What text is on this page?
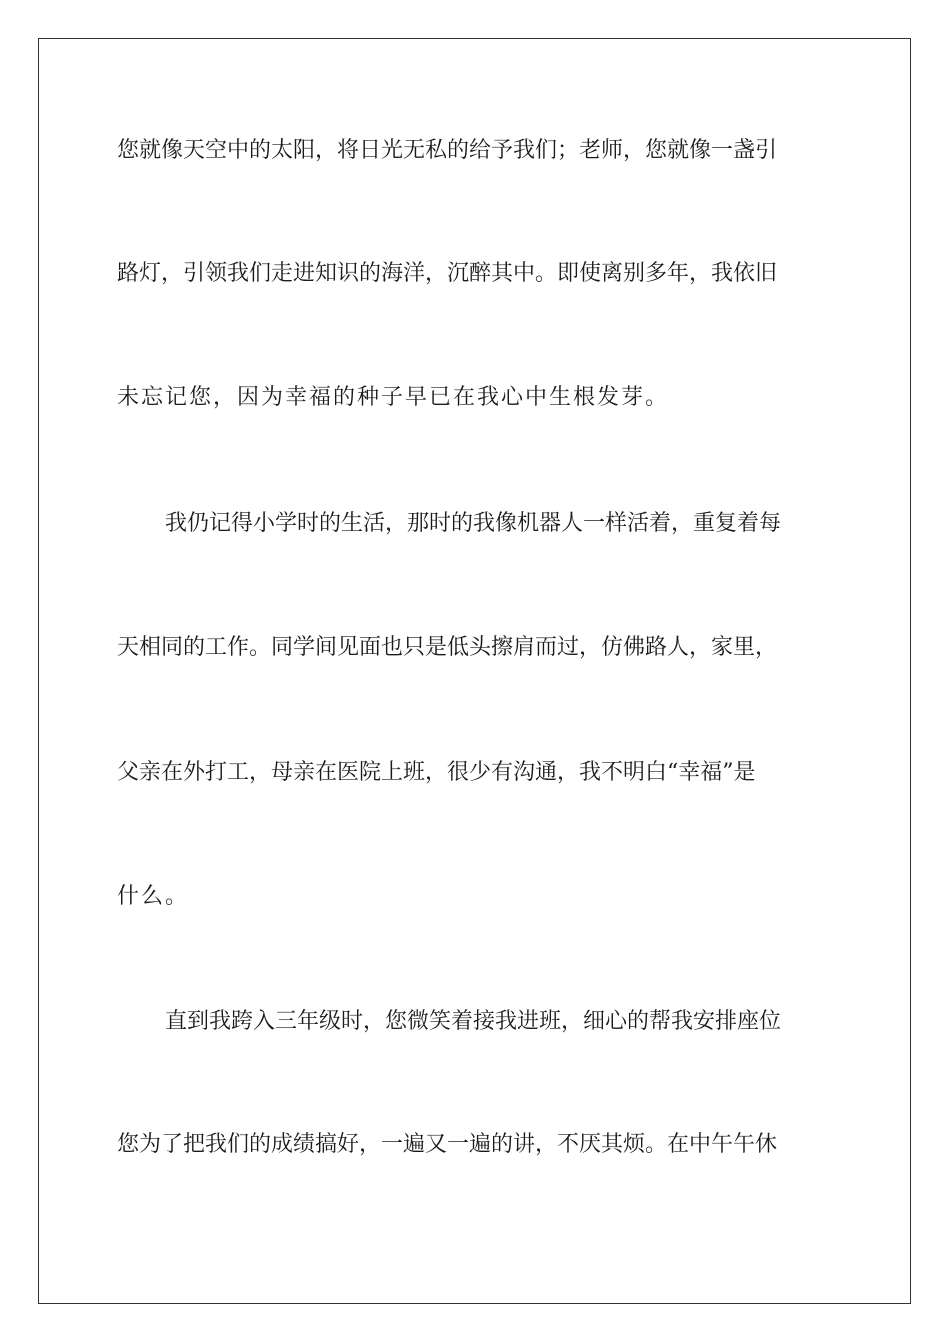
您就像天空中的太阳，将日光无私的给予我们；老师，您就像一盏引
路灯，引领我们走进知识的海洋，沉醉其中。即使离别多年，我依旧
未忘记您，因为幸福的种子早已在我心中生根发芽。
我仍记得小学时的生活，那时的我像机器人一样活着，重复着每
天相同的工作。同学间见面也只是低头擦肩而过，仿佛路人，家里，
父亲在外打工，母亲在医院上班，很少有沟通，我不明白“幸福”是
什么。
直到我跨入三年级时，您微笑着接我进班，细心的帮我安排座位
您为了把我们的成绩搞好，一遍又一遍的讲，不厌其烦。在中午午休
